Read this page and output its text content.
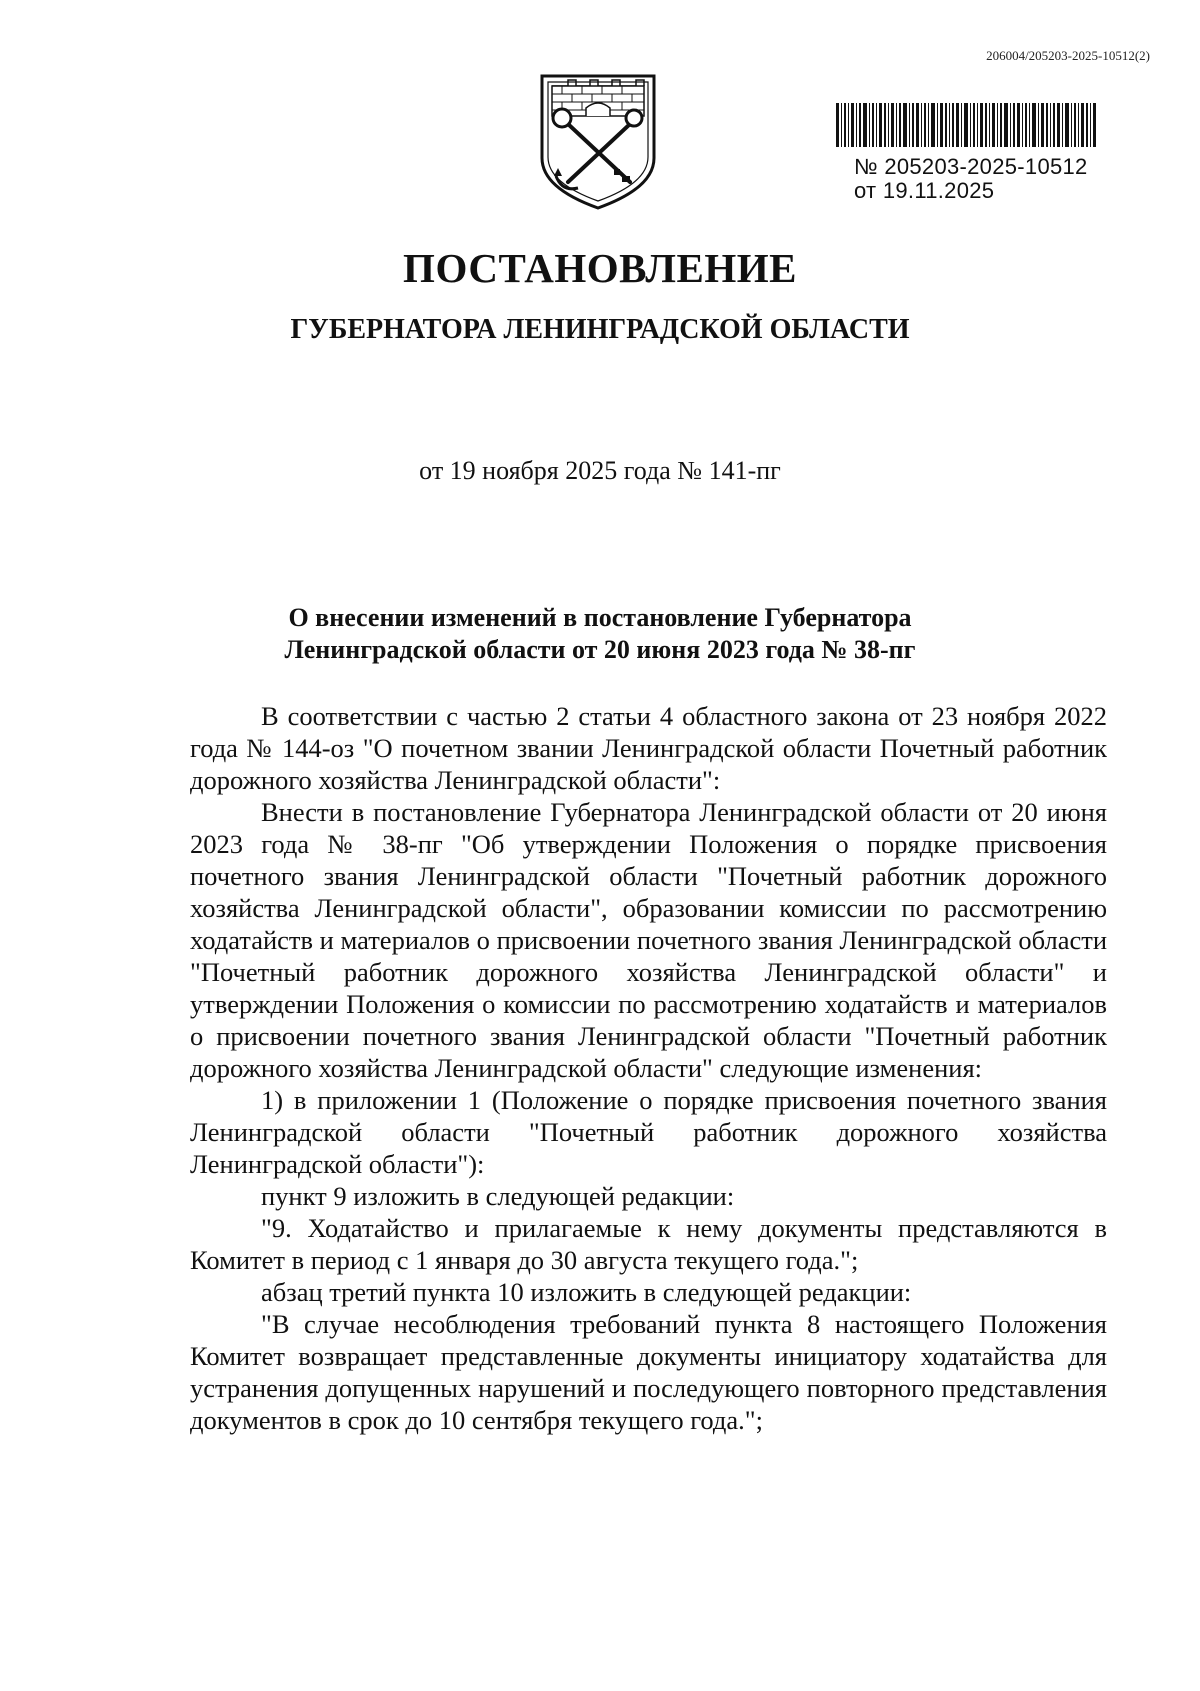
206004/205203-2025-10512(2)
№ 205203-2025-10512
от 19.11.2025
ПОСТАНОВЛЕНИЕ
ГУБЕРНАТОРА ЛЕНИНГРАДСКОЙ ОБЛАСТИ
от 19 ноября 2025 года № 141-пг
О внесении изменений в постановление Губернатора
Ленинградской области от 20 июня 2023 года № 38-пг

В соответствии с частью 2 статьи 4 областного закона от 23 ноября 2022 года № 144-оз "О почетном звании Ленинградской области Почетный работник дорожного хозяйства Ленинградской области":

Внести в постановление Губернатора Ленинградской области от 20 июня 2023 года № 38-пг "Об утверждении Положения о порядке присвоения почетного звания Ленинградской области "Почетный работник дорожного хозяйства Ленинградской области", образовании комиссии по рассмотрению ходатайств и материалов о присвоении почетного звания Ленинградской области "Почетный работник дорожного хозяйства Ленинградской области" и утверждении Положения о комиссии по рассмотрению ходатайств и материалов о присвоении почетного звания Ленинградской области "Почетный работник дорожного хозяйства Ленинградской области" следующие изменения:

1) в приложении 1 (Положение о порядке присвоения почетного звания Ленинградской области "Почетный работник дорожного хозяйства Ленинградской области"):

пункт 9 изложить в следующей редакции:

"9. Ходатайство и прилагаемые к нему документы представляются в Комитет в период с 1 января до 30 августа текущего года.";

абзац третий пункта 10 изложить в следующей редакции:

"В случае несоблюдения требований пункта 8 настоящего Положения Комитет возвращает представленные документы инициатору ходатайства для устранения допущенных нарушений и последующего повторного представления документов в срок до 10 сентября текущего года.";
